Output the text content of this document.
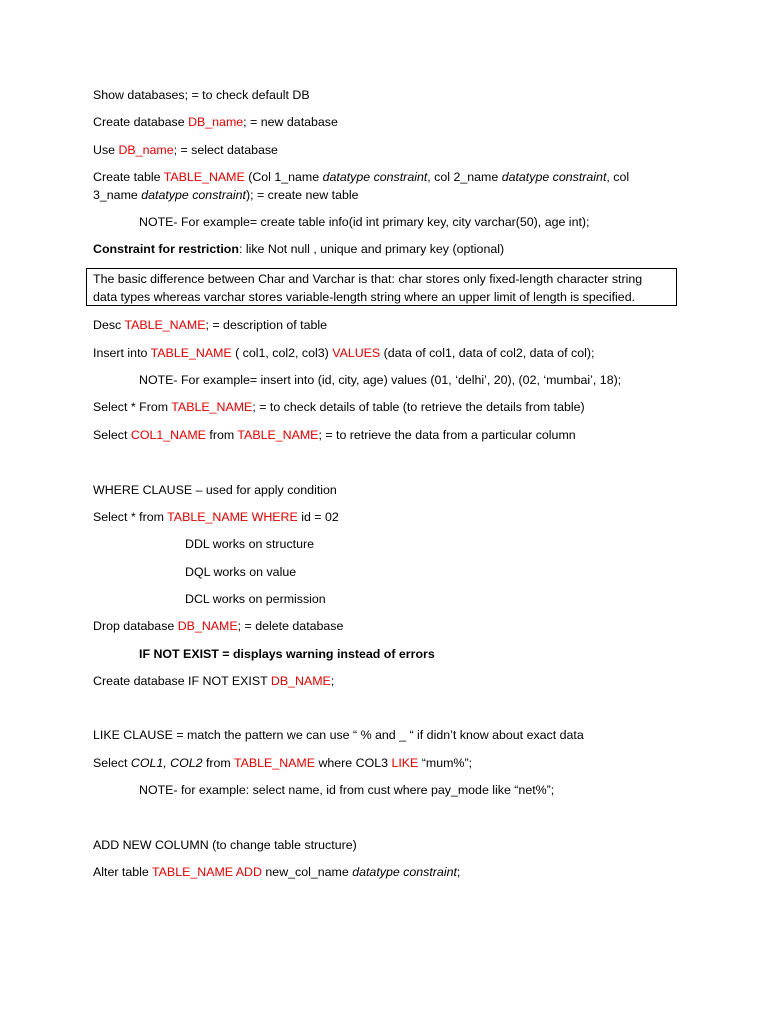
Show databases; = to check default DB

Create database DB_name; = new database

Use DB_name; = select database

Create table TABLE_NAME (Col 1_name datatype constraint, col 2_name datatype constraint, col

3_name datatype constraint); = create new table

NOTE- For example= create table info(id int primary key, city varchar(50), age int);

Constraint for restriction: like Not null , unique and primary key (optional)

The basic difference between Char and Varchar is that: char stores only fixed-length character string

data types whereas varchar stores variable-length string where an upper limit of length is specified.

Desc TABLE_NAME; = description of table

Insert into TABLE_NAME ( col1, col2, col3) VALUES (data of col1, data of col2, data of col);

NOTE- For example= insert into (id, city, age) values (01, ‘delhi’, 20), (02, ‘mumbai’, 18);

Select * From TABLE_NAME; = to check details of table (to retrieve the details from table)

Select COL1_NAME from TABLE_NAME; = to retrieve the data from a particular column

WHERE CLAUSE – used for apply condition

Select * from TABLE_NAME WHERE id = 02

DDL works on structure

DQL works on value

DCL works on permission

Drop database DB_NAME; = delete database

IF NOT EXIST = displays warning instead of errors

Create database IF NOT EXIST DB_NAME;

LIKE CLAUSE = match the pattern we can use “ % and _ “ if didn’t know about exact data

Select COL1, COL2 from TABLE_NAME where COL3 LIKE “mum%”;

NOTE- for example: select name, id from cust where pay_mode like “net%”;

ADD NEW COLUMN (to change table structure)

Alter table TABLE_NAME ADD new_col_name datatype constraint;
